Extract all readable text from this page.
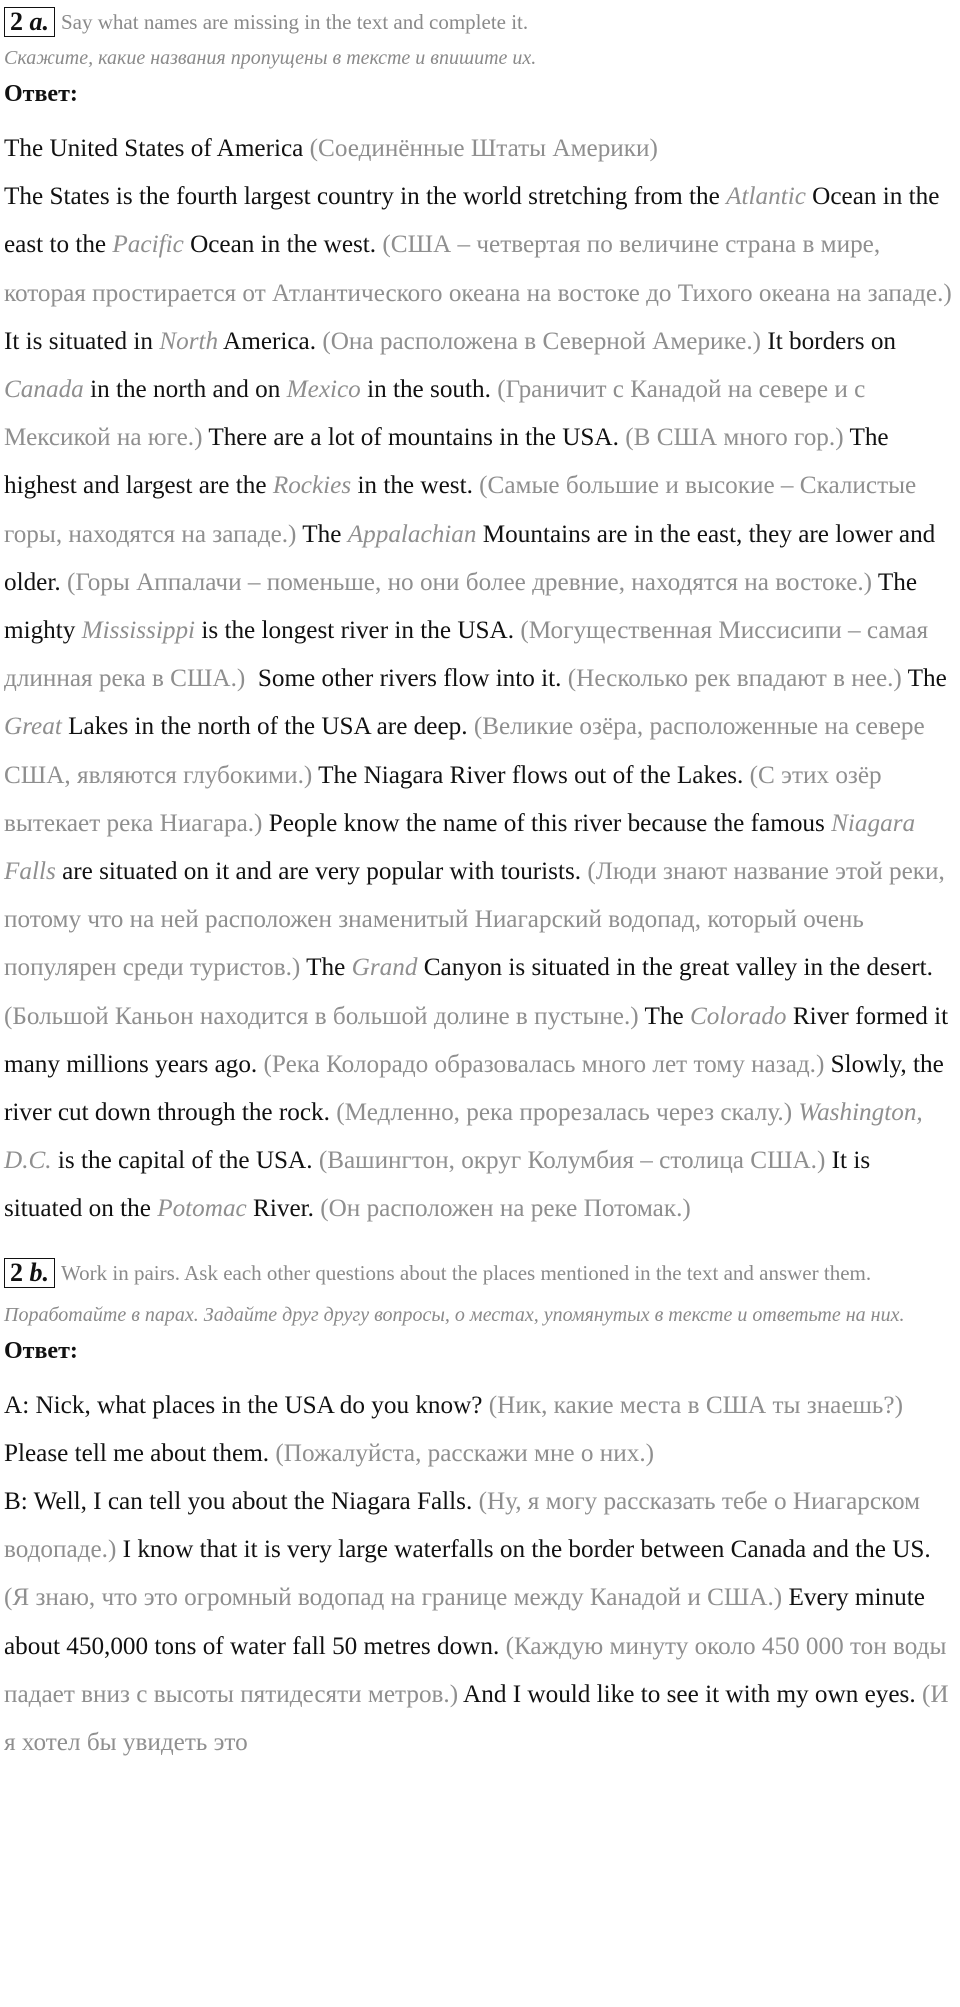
2 a. Say what names are missing in the text and complete it.
Скажите, какие названия пропущены в тексте и впишите их.
Ответ:
The United States of America (Соединённые Штаты Америки)
The States is the fourth largest country in the world stretching from the Atlantic Ocean in the east to the Pacific Ocean in the west. (США – четвертая по величине страна в мире, которая простирается от Атлантического океана на востоке до Тихого океана на западе.) It is situated in North America. (Она расположена в Северной Америке.) It borders on Canada in the north and on Mexico in the south. (Граничит с Канадой на севере и с Мексикой на юге.) There are a lot of mountains in the USA. (В США много гор.) The highest and largest are the Rockies in the west. (Самые большие и высокие – Скалистые горы, находятся на западе.) The Appalachian Mountains are in the east, they are lower and older. (Горы Аппалачи – поменьше, но они более древние, находятся на востоке.) The mighty Mississippi is the longest river in the USA. (Могущественная Миссисипи – самая длинная река в США.) Some other rivers flow into it. (Несколько рек впадают в нее.) The Great Lakes in the north of the USA are deep. (Великие озёра, расположенные на севере США, являются глубокими.) The Niagara River flows out of the Lakes. (С этих озёр вытекает река Ниагара.) People know the name of this river because the famous Niagara Falls are situated on it and are very popular with tourists. (Люди знают название этой реки, потому что на ней расположен знаменитый Ниагарский водопад, который очень популярен среди туристов.) The Grand Canyon is situated in the great valley in the desert. (Большой Каньон находится в большой долине в пустыне.) The Colorado River formed it many millions years ago. (Река Колорадо образовалась много лет тому назад.) Slowly, the river cut down through the rock. (Медленно, река прорезалась через скалу.) Washington, D.C. is the capital of the USA. (Вашингтон, округ Колумбия – столица США.) It is situated on the Potomac River. (Он расположен на реке Потомак.)
2 b. Work in pairs. Ask each other questions about the places mentioned in the text and answer them.
Поработайте в парах. Задайте друг другу вопросы, о местах, упомянутых в тексте и ответьте на них.
Ответ:
A: Nick, what places in the USA do you know? (Ник, какие места в США ты знаешь?) Please tell me about them. (Пожалуйста, расскажи мне о них.)
B: Well, I can tell you about the Niagara Falls. (Ну, я могу рассказать тебе о Ниагарском водопаде.) I know that it is very large waterfalls on the border between Canada and the US. (Я знаю, что это огромный водопад на границе между Канадой и США.) Every minute about 450,000 tons of water fall 50 metres down. (Каждую минуту около 450 000 тон воды падает вниз с высоты пятидесяти метров.) And I would like to see it with my own eyes. (И я хотел бы увидеть это
